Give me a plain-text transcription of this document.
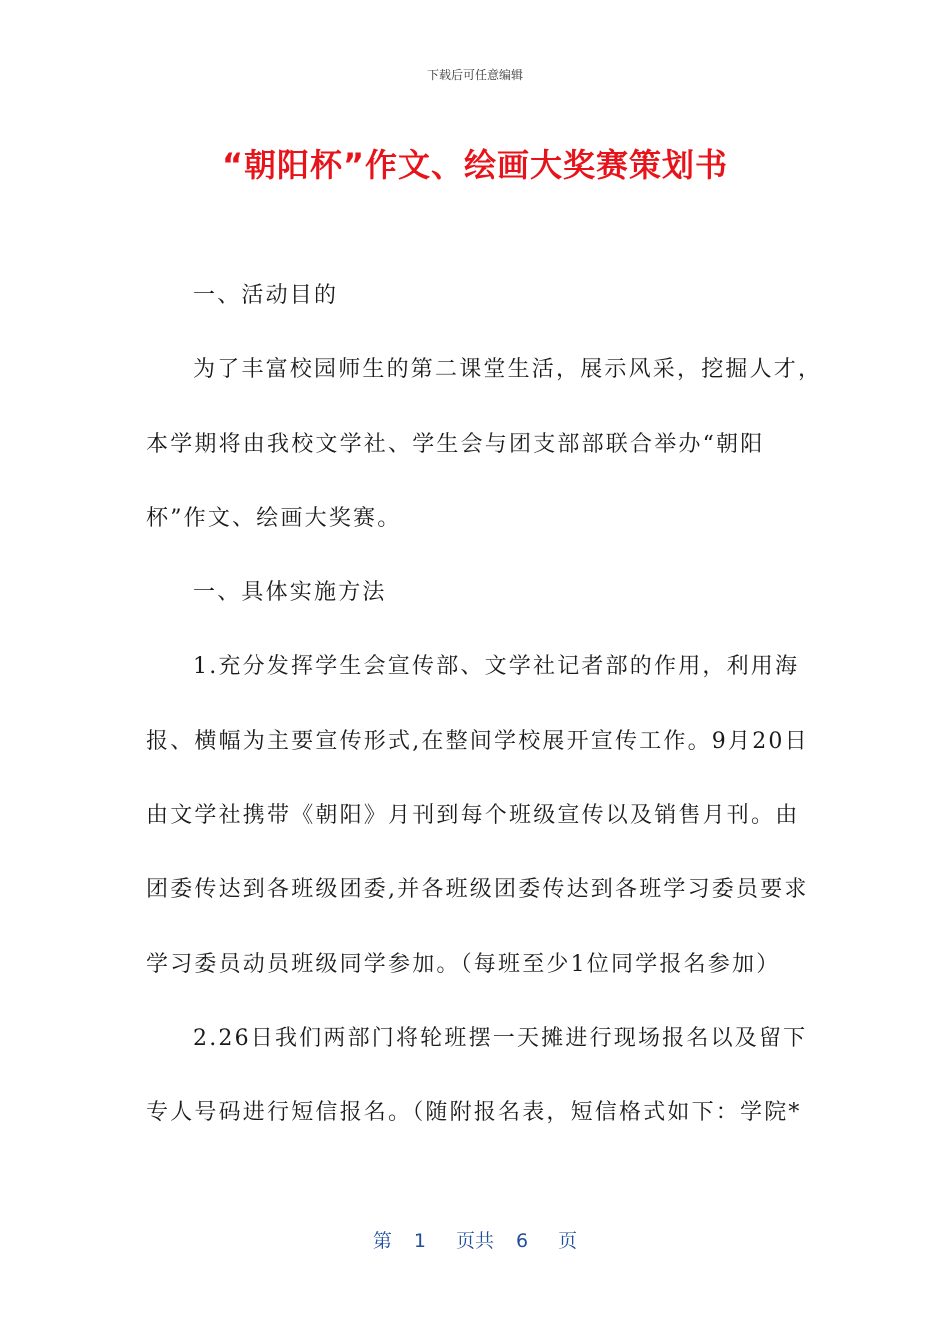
下载后可任意编辑
“朝阳杯”作文、绘画大奖赛策划书
一、活动目的
为了丰富校园师生的第二课堂生活，展示风采，挖掘人才，
本学期将由我校文学社、学生会与团支部部联合举办“朝阳
杯”作文、绘画大奖赛。
一、具体实施方法
1.充分发挥学生会宣传部、文学社记者部的作用，利用海
报、横幅为主要宣传形式,在整间学校展开宣传工作。9月20日
由文学社携带《朝阳》月刊到每个班级宣传以及销售月刊。由
团委传达到各班级团委,并各班级团委传达到各班学习委员要求
学习委员动员班级同学参加。（每班至少1位同学报名参加）
2.26日我们两部门将轮班摆一天摊进行现场报名以及留下
专人号码进行短信报名。（随附报名表，短信格式如下：学院*
第 1 页共 6 页
